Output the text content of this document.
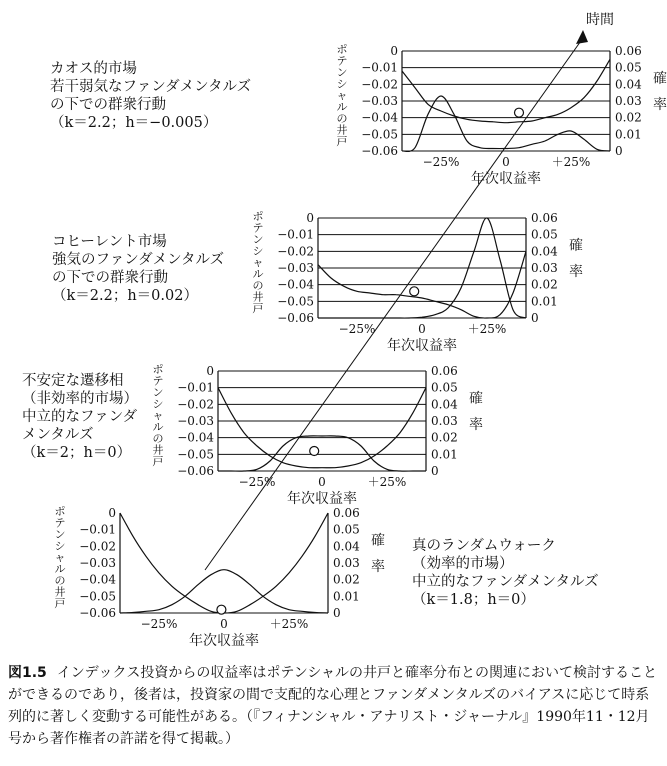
時間
0
−0.01
−0.02
−0.03
−0.04
−0.05
−0.06
0.06
0.05
0.04
0.03
0.02
0.01
0
−25%	0	＋25%
年次収益率
ポ
テ
ン
シ
ャ
ル
の
井
戸
確
率
0
−0.01
−0.02
−0.03
−0.04
−0.05
−0.06
0.06
0.05
0.04
0.03
0.02
0.01
0
−25%	0	＋25%
年次収益率
ポ
テ
ン
シ
ャ
ル
の
井
戸
確
率
0
−0.01
−0.02
−0.03
−0.04
−0.05
−0.06
0.06
0.05
0.04
0.03
0.02
0.01
0
−25%	0	＋25%
年次収益率
ポ
テ
ン
シ
ャ
ル
の
井
戸
確
率
0
−0.01
−0.02
−0.03
−0.04
−0.05
−0.06
0.06
0.05
0.04
0.03
0.02
0.01
0
−25%	0	＋25%
年次収益率
ポ
テ
ン
シ
ャ
ル
の
井
戸
確
率
カオス的市場
若干弱気なファンダメンタルズ
の下での群衆行動
（k＝2.2；h＝−0.005）
コヒーレント市場
強気のファンダメンタルズ
の下での群衆行動
（k＝2.2；h＝0.02）
不安定な遷移相
（非効率的市場）
中立的なファンダ
メンタルズ
（k＝2；h＝0）
真のランダムウォーク
（効率的市場）
中立的なファンダメンタルズ
（k＝1.8；h＝0）
図1.5 インデックス投資からの収益率はポテンシャルの井戸と確率分布との関連において検討することができるのであり，後者は，投資家の間で支配的な心理とファンダメンタルズのバイアスに応じて時系列的に著しく変動する可能性がある。（『フィナンシャル・アナリスト・ジャーナル』1990年11・12月号から著作権者の許諾を得て掲載。）
